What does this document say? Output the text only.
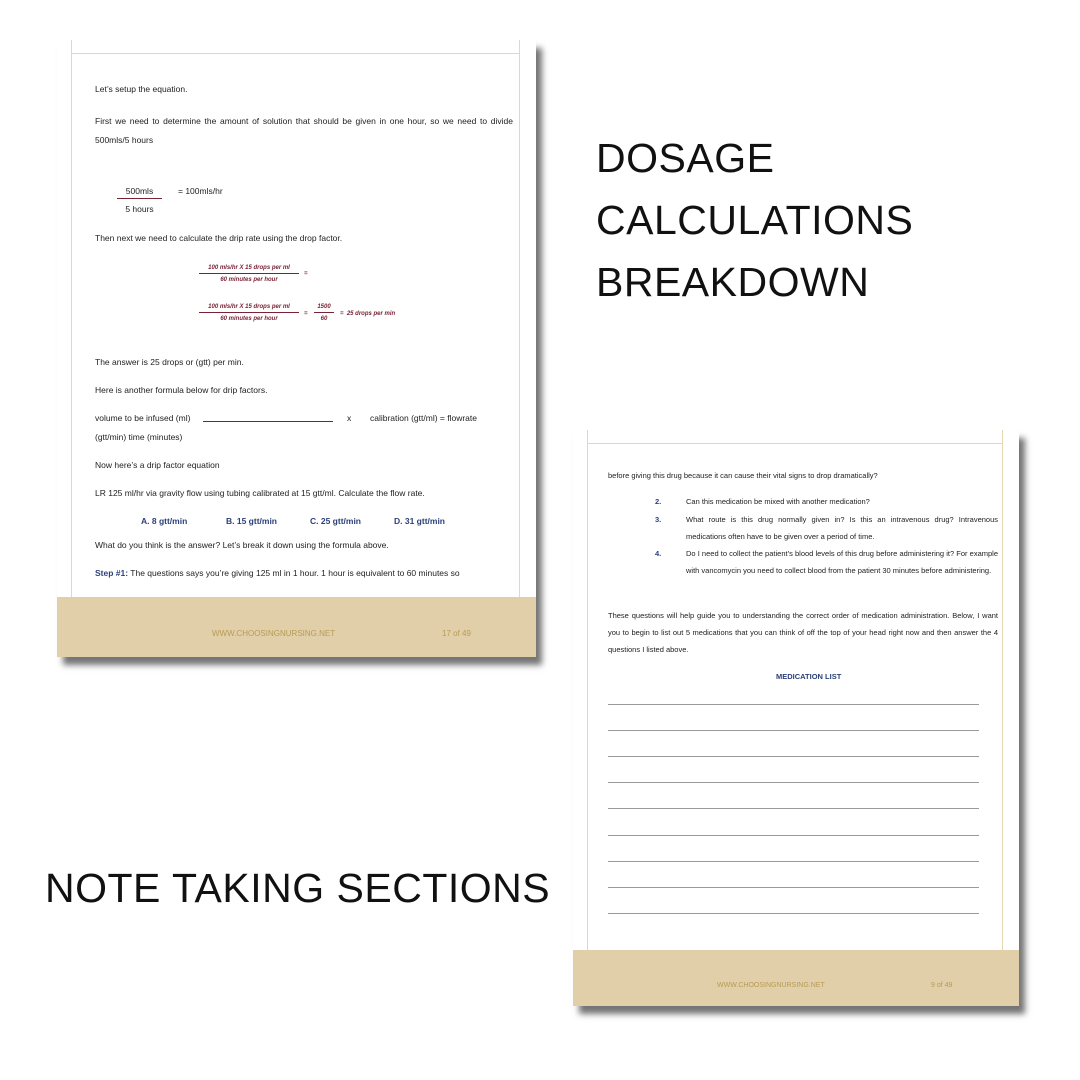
DOSAGE
CALCULATIONS
BREAKDOWN
NOTE TAKING SECTIONS
Let’s setup the equation.
First we need to determine the amount of solution that should be given in one hour, so we need to divide 500mls/5 hours
500mls
5 hours
= 100mls/hr
Then next we need to calculate the drip rate using the drop factor.
100 mls/hr X 15 drops per ml
60 minutes per hour
=
100 mls/hr X 15 drops per ml
60 minutes per hour
= $\frac{1500}{60} = 25$ drops per min
The answer is 25 drops or (gtt) per min.
Here is another formula below for drip factors.
volume to be infused (ml)	x calibration (gtt/ml) = flowrate
(gtt/min) time (minutes)
Now here’s a drip factor equation
LR 125 ml/hr via gravity flow using tubing calibrated at 15 gtt/ml. Calculate the flow rate.
A. 8 gtt/min	B. 15 gtt/min	C. 25 gtt/min	D. 31 gtt/min
What do you think is the answer? Let’s break it down using the formula above.
Step #1: The questions says you’re giving 125 ml in 1 hour. 1 hour is equivalent to 60 minutes so
WWW.CHOOSINGNURSING.NET	17 of 49
before giving this drug because it can cause their vital signs to drop dramatically?
2.	Can this medication be mixed with another medication?
3.	What route is this drug normally given in? Is this an intravenous drug? Intravenous medications often have to be given over a period of time.
4.	Do I need to collect the patient’s blood levels of this drug before administering it? For example with vancomycin you need to collect blood from the patient 30 minutes before administering.
These questions will help guide you to understanding the correct order of medication administration. Below, I want you to begin to list out 5 medications that you can think of off the top of your head right now and then answer the 4 questions I listed above.
MEDICATION LIST
WWW.CHOOSINGNURSING.NET	9 of 49
